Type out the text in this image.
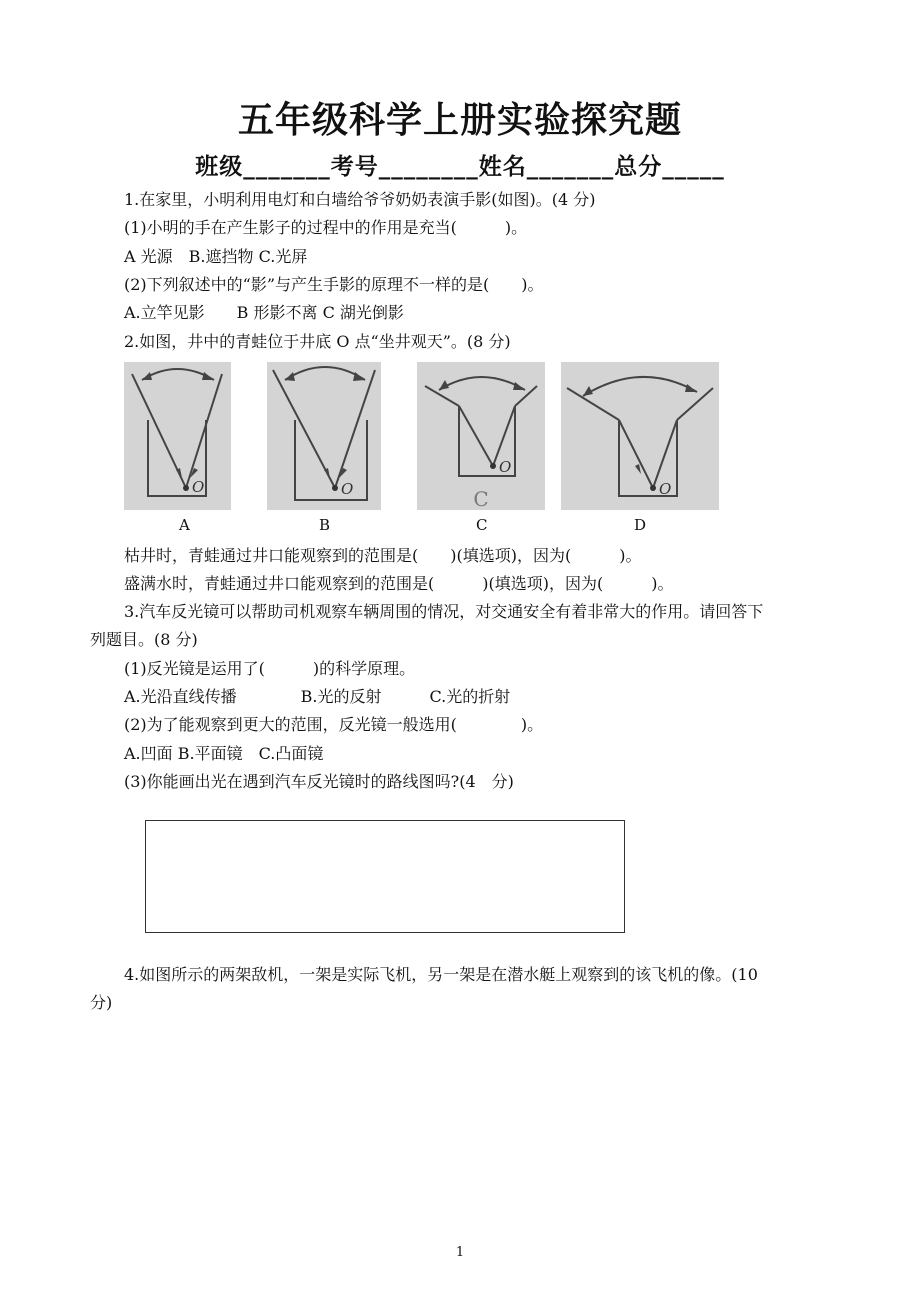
五年级科学上册实验探究题
班级_______考号________姓名_______总分_____
1.在家里，小明利用电灯和白墙给爷爷奶奶表演手影(如图)。(4 分)
(1)小明的手在产生影子的过程中的作用是充当(　　　)。
A 光源　B.遮挡物 C.光屏
(2)下列叙述中的“影”与产生手影的原理不一样的是(　　)。
A.立竿见影　　B 形影不离 C 湖光倒影
2.如图，井中的青蛙位于井底 O 点“坐井观天”。(8 分)
O	O
O
C	O
A	B	C	D
枯井时，青蛙通过井口能观察到的范围是(　　)(填选项)，因为(　　　)。
盛满水时，青蛙通过井口能观察到的范围是(　　　)(填选项)，因为(　　　)。
3.汽车反光镜可以帮助司机观察车辆周围的情况，对交通安全有着非常大的作用。请回答下
列题目。(8 分)
(1)反光镜是运用了(　　　)的科学原理。
A.光沿直线传播　　　　B.光的反射　　　C.光的折射
(2)为了能观察到更大的范围，反光镜一般选用(　　　　)。
A.凹面 B.平面镜　C.凸面镜
(3)你能画出光在遇到汽车反光镜时的路线图吗?(4　分)
4.如图所示的两架敌机，一架是实际飞机，另一架是在潜水艇上观察到的该飞机的像。(10
分)
1
